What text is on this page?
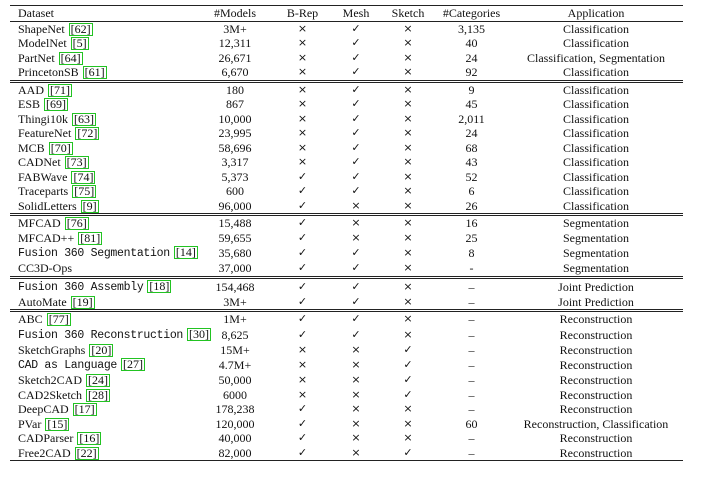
Dataset	#Models	B-Rep	Mesh	Sketch	#Categories	Application
ShapeNet [62]	3M+	×	✓	×	3,135	Classification
ModelNet [5]	12,311	×	✓	×	40	Classification
PartNet [64]	26,671	×	✓	×	24	Classification, Segmentation
PrincetonSB [61]	6,670	×	✓	×	92	Classification
AAD [71]	180	×	✓	×	9	Classification
ESB [69]	867	×	✓	×	45	Classification
Thingi10k [63]	10,000	×	✓	×	2,011	Classification
FeatureNet [72]	23,995	×	✓	×	24	Classification
MCB [70]	58,696	×	✓	×	68	Classification
CADNet [73]	3,317	×	✓	×	43	Classification
FABWave [74]	5,373	✓	✓	×	52	Classification
Traceparts [75]	600	✓	✓	×	6	Classification
SolidLetters [9]	96,000	✓	×	×	26	Classification
MFCAD [76]	15,488	✓	×	×	16	Segmentation
MFCAD++ [81]	59,655	✓	×	×	25	Segmentation
Fusion 360 Segmentation [14]	35,680	✓	✓	×	8	Segmentation
CC3D-Ops	37,000	✓	✓	×	-	Segmentation
Fusion 360 Assembly [18]	154,468	✓	✓	×	–	Joint Prediction
AutoMate [19]	3M+	✓	✓	×	–	Joint Prediction
ABC [77]	1M+	✓	✓	×	–	Reconstruction
Fusion 360 Reconstruction [30]	8,625	✓	✓	×	–	Reconstruction
SketchGraphs [20]	15M+	×	×	✓	–	Reconstruction
CAD as Language [27]	4.7M+	×	×	✓	–	Reconstruction
Sketch2CAD [24]	50,000	×	×	✓	–	Reconstruction
CAD2Sketch [28]	6000	×	×	✓	–	Reconstruction
DeepCAD [17]	178,238	✓	×	×	–	Reconstruction
PVar [15]	120,000	✓	×	×	60	Reconstruction, Classification
CADParser [16]	40,000	✓	×	×	–	Reconstruction
Free2CAD [22]	82,000	✓	×	✓	–	Reconstruction
